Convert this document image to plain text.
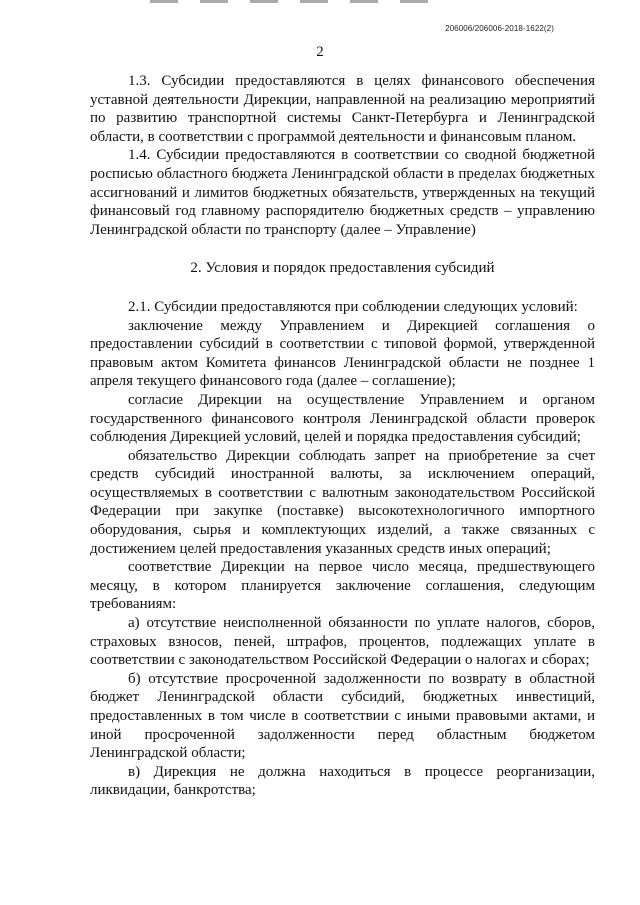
206006/206006-2018-1622(2)
2

1.3. Субсидии предоставляются в целях финансового обеспечения уставной деятельности Дирекции, направленной на реализацию мероприятий по развитию транспортной системы Санкт-Петербурга и Ленинградской области, в соответствии с программой деятельности и финансовым планом.

1.4. Субсидии предоставляются в соответствии со сводной бюджетной росписью областного бюджета Ленинградской области в пределах бюджетных ассигнований и лимитов бюджетных обязательств, утвержденных на текущий финансовый год главному распорядителю бюджетных средств – управлению Ленинградской области по транспорту (далее – Управление)

2. Условия и порядок предоставления субсидий

2.1. Субсидии предоставляются при соблюдении следующих условий:

заключение между Управлением и Дирекцией соглашения о предоставлении субсидий в соответствии с типовой формой, утвержденной правовым актом Комитета финансов Ленинградской области не позднее 1 апреля текущего финансового года (далее – соглашение);

согласие Дирекции на осуществление Управлением и органом государственного финансового контроля Ленинградской области проверок соблюдения Дирекцией условий, целей и порядка предоставления субсидий;

обязательство Дирекции соблюдать запрет на приобретение за счет средств субсидий иностранной валюты, за исключением операций, осуществляемых в соответствии с валютным законодательством Российской Федерации при закупке (поставке) высокотехнологичного импортного оборудования, сырья и комплектующих изделий, а также связанных с достижением целей предоставления указанных средств иных операций;

соответствие Дирекции на первое число месяца, предшествующего месяцу, в котором планируется заключение соглашения, следующим требованиям:

а) отсутствие неисполненной обязанности по уплате налогов, сборов, страховых взносов, пеней, штрафов, процентов, подлежащих уплате в соответствии с законодательством Российской Федерации о налогах и сборах;

б) отсутствие просроченной задолженности по возврату в областной бюджет Ленинградской области субсидий, бюджетных инвестиций, предоставленных в том числе в соответствии с иными правовыми актами, и иной просроченной задолженности перед областным бюджетом Ленинградской области;

в) Дирекция не должна находиться в процессе реорганизации, ликвидации, банкротства;
